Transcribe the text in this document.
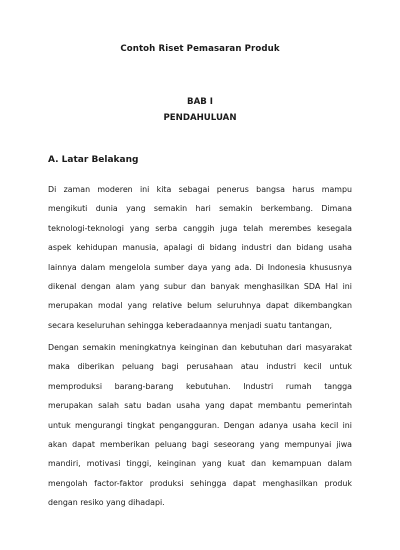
Contoh Riset Pemasaran Produk
BAB I
PENDAHULUAN
A. Latar Belakang
Di zaman moderen ini kita sebagai penerus bangsa harus mampu
mengikuti dunia yang semakin hari semakin berkembang. Dimana
teknologi-teknologi yang serba canggih juga telah merembes kesegala
aspek kehidupan manusia, apalagi di bidang industri dan bidang usaha
lainnya dalam mengelola sumber daya yang ada. Di Indonesia khususnya
dikenal dengan alam yang subur dan banyak menghasilkan SDA Hal ini
merupakan modal yang relative belum seluruhnya dapat dikembangkan
secara keseluruhan sehingga keberadaannya menjadi suatu tantangan,
Dengan semakin meningkatnya keinginan dan kebutuhan dari masyarakat
maka diberikan peluang bagi perusahaan atau industri kecil untuk
memproduksi barang-barang kebutuhan. Industri rumah tangga
merupakan salah satu badan usaha yang dapat membantu pemerintah
untuk mengurangi tingkat pengangguran. Dengan adanya usaha kecil ini
akan dapat memberikan peluang bagi seseorang yang mempunyai jiwa
mandiri, motivasi tinggi, keinginan yang kuat dan kemampuan dalam
mengolah factor-faktor produksi sehingga dapat menghasilkan produk
dengan resiko yang dihadapi.
